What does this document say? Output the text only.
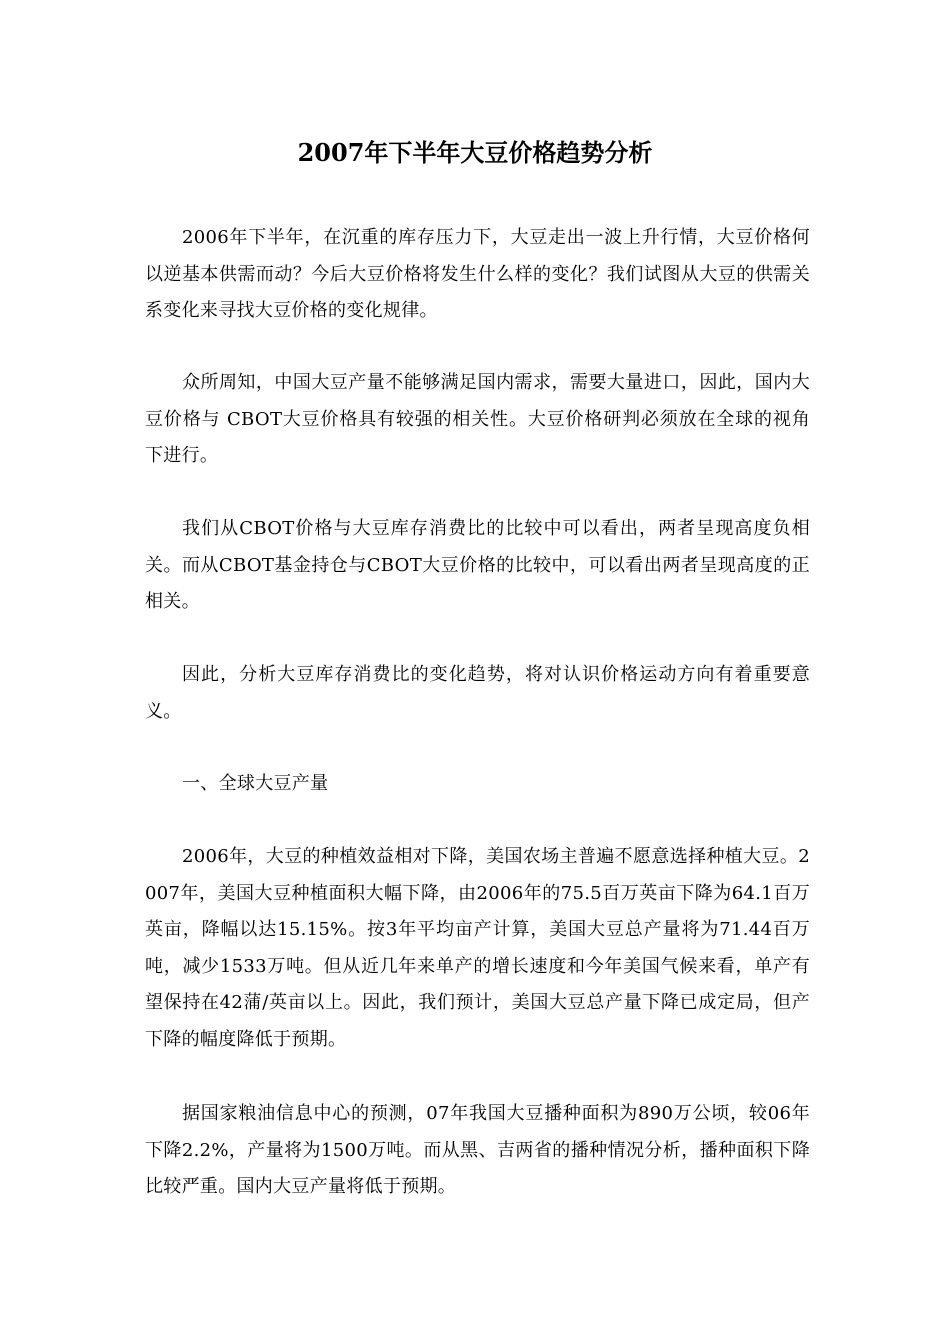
2007年下半年大豆价格趋势分析

2006年下半年，在沉重的库存压力下，大豆走出一波上升行情，大豆价格何以逆基本供需而动？今后大豆价格将发生什么样的变化？我们试图从大豆的供需关系变化来寻找大豆价格的变化规律。

众所周知，中国大豆产量不能够满足国内需求，需要大量进口，因此，国内大豆价格与 CBOT大豆价格具有较强的相关性。大豆价格研判必须放在全球的视角下进行。

我们从CBOT价格与大豆库存消费比的比较中可以看出，两者呈现高度负相关。而从CBOT基金持仓与CBOT大豆价格的比较中，可以看出两者呈现高度的正相关。

因此，分析大豆库存消费比的变化趋势，将对认识价格运动方向有着重要意义。

一、全球大豆产量

2006年，大豆的种植效益相对下降，美国农场主普遍不愿意选择种植大豆。2007年，美国大豆种植面积大幅下降，由2006年的75.5百万英亩下降为64.1百万英亩，降幅以达15.15%。按3年平均亩产计算，美国大豆总产量将为71.44百万吨，减少1533万吨。但从近几年来单产的增长速度和今年美国气候来看，单产有望保持在42蒲/英亩以上。因此，我们预计，美国大豆总产量下降已成定局，但产下降的幅度降低于预期。

据国家粮油信息中心的预测，07年我国大豆播种面积为890万公顷，较06年下降2.2%，产量将为1500万吨。而从黑、吉两省的播种情况分析，播种面积下降比较严重。国内大豆产量将低于预期。
